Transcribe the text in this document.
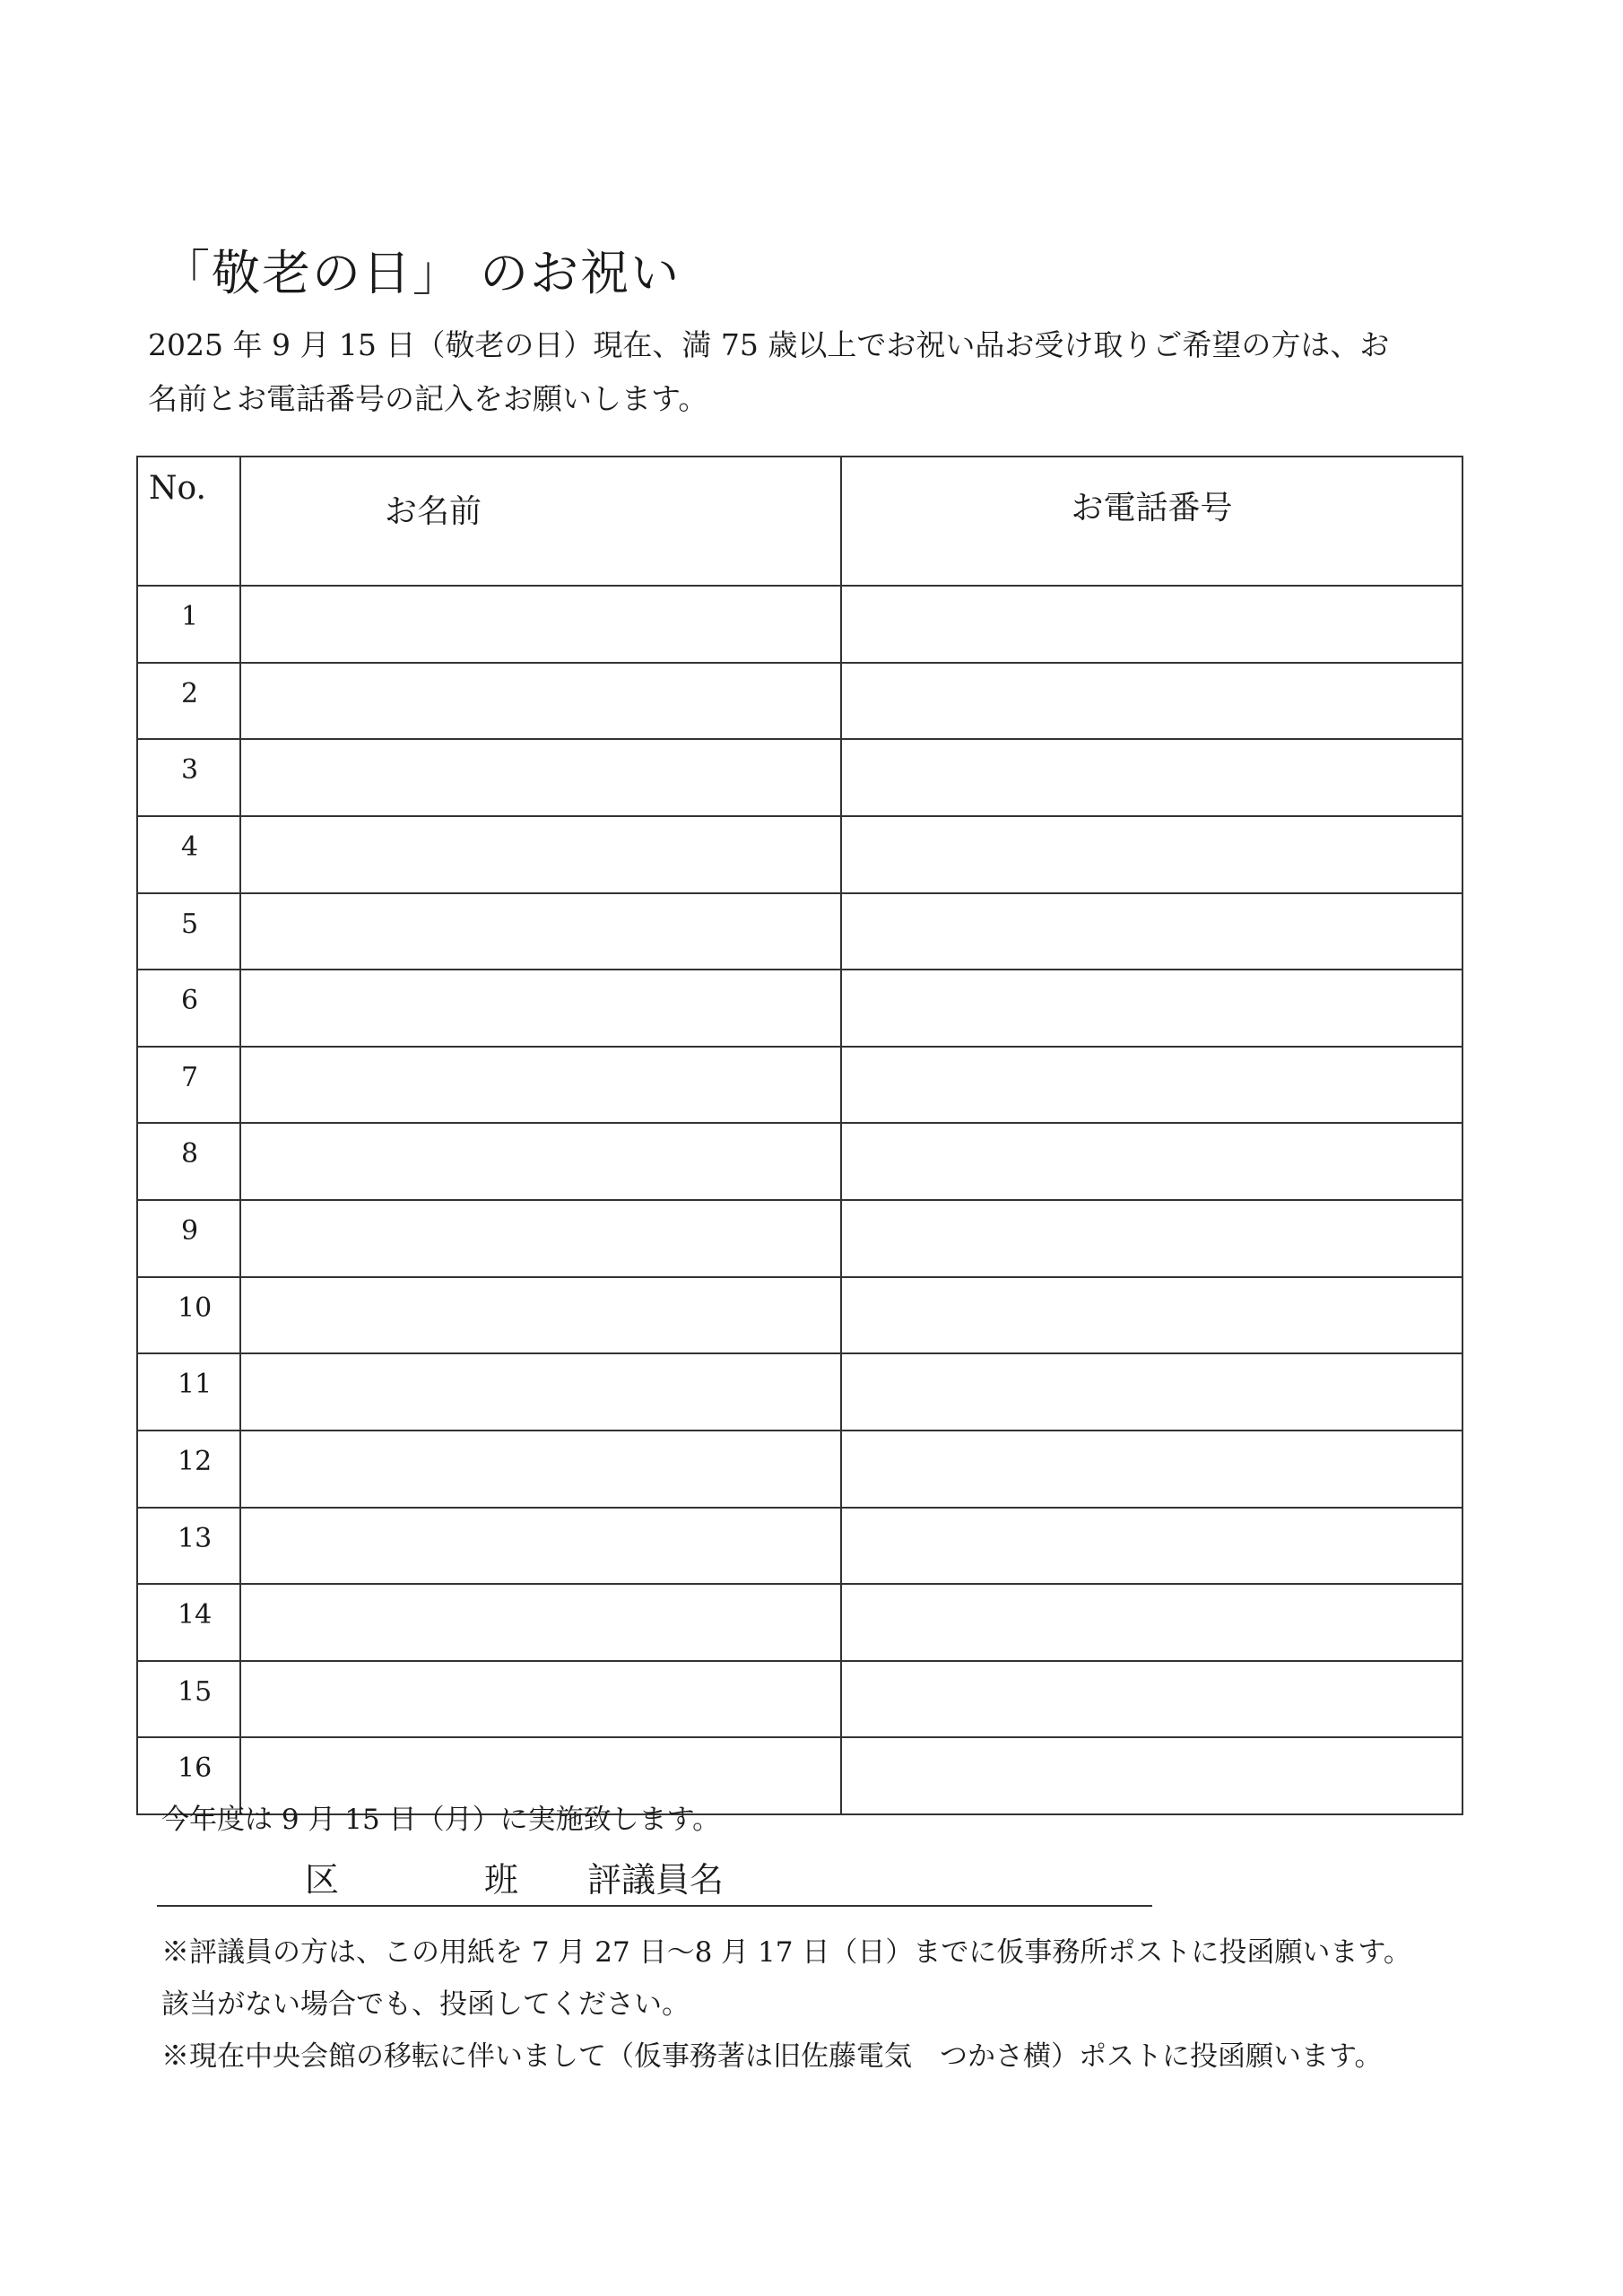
「敬老の日」 のお祝い
2025 年 9 月 15 日（敬老の日）現在、満 75 歳以上でお祝い品お受け取りご希望の方は、お
名前とお電話番号の記入をお願いします。
No.	お名前	お電話番号
1		
2		
3		
4		
5		
6		
7		
8		
9		
10		
11		
12		
13		
14		
15		
16		
今年度は 9 月 15 日（月）に実施致します。
区	班 評議員名
※評議員の方は、この用紙を 7 月 27 日～8 月 17 日（日）までに仮事務所ポストに投函願います。
該当がない場合でも、投函してください。
※現在中央会館の移転に伴いまして（仮事務著は旧佐藤電気　つかさ横）ポストに投函願います。
